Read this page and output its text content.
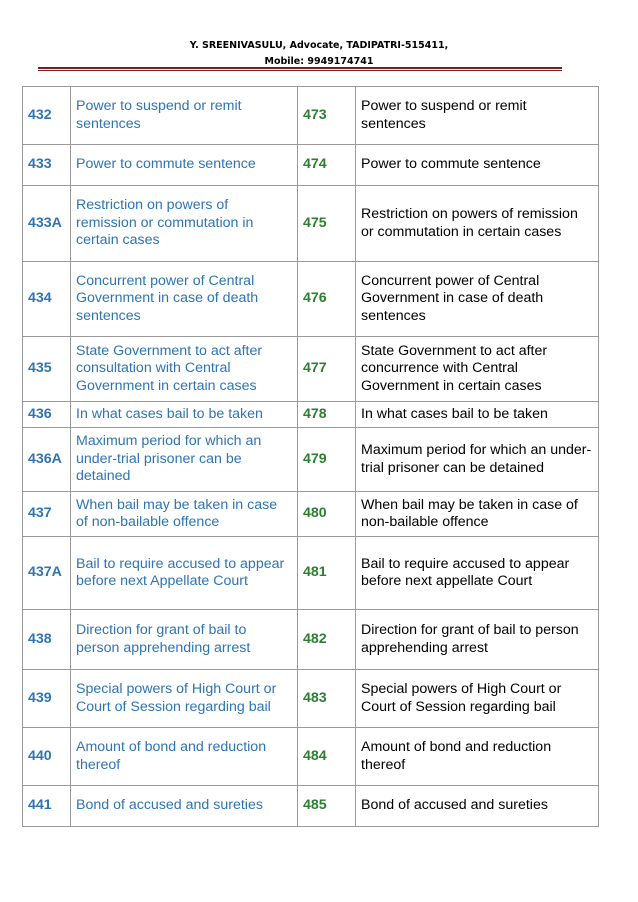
Y. SREENIVASULU, Advocate, TADIPATRI-515411,
Mobile: 9949174741
432	Power to suspend or remit sentences	473	Power to suspend or remit sentences
433	Power to commute sentence	474	Power to commute sentence
433A	Restriction on powers of remission or commutation in certain cases	475	Restriction on powers of remission or commutation in certain cases
434	Concurrent power of Central Government in case of death sentences	476	Concurrent power of Central Government in case of death sentences
435	State Government to act after consultation with Central Government in certain cases	477	State Government to act after concurrence with Central Government in certain cases
436	In what cases bail to be taken	478	In what cases bail to be taken
436A	Maximum period for which an under-trial prisoner can be detained	479	Maximum period for which an under-trial prisoner can be detained
437	When bail may be taken in case of non-bailable offence	480	When bail may be taken in case of non-bailable offence
437A	Bail to require accused to appear before next Appellate Court	481	Bail to require accused to appear before next appellate Court
438	Direction for grant of bail to person apprehending arrest	482	Direction for grant of bail to person apprehending arrest
439	Special powers of High Court or Court of Session regarding bail	483	Special powers of High Court or Court of Session regarding bail
440	Amount of bond and reduction thereof	484	Amount of bond and reduction thereof
441	Bond of accused and sureties	485	Bond of accused and sureties
